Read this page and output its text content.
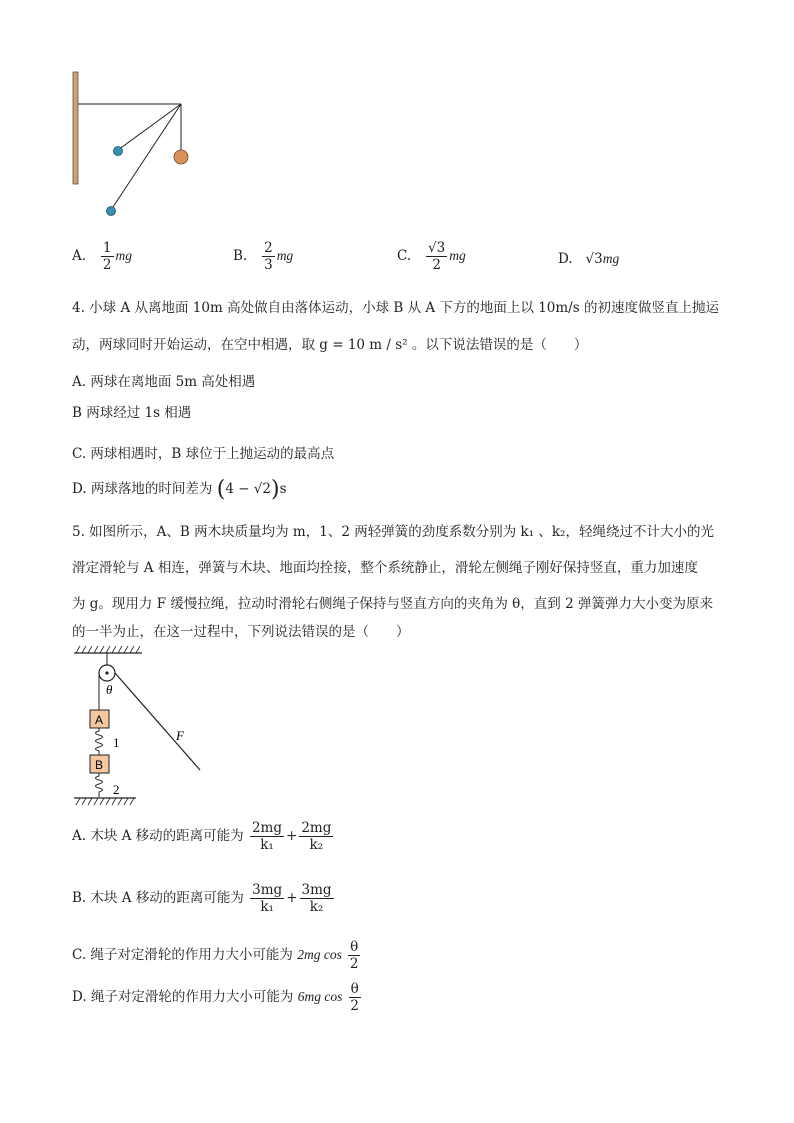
A. $\frac{1}{2}$ mg	B. $\frac{2}{3}$ mg	C. $\frac{√3}{2}$ mg	D. √3mg
4. 小球 A 从离地面 10m 高处做自由落体运动，小球 B 从 A 下方的地面上以 10m/s 的初速度做竖直上抛运
动，两球同时开始运动，在空中相遇，取 g = 10 m / s² 。以下说法错误的是（　　）
A. 两球在离地面 5m 高处相遇
B 两球经过 1s 相遇
C. 两球相遇时，B 球位于上抛运动的最高点
D. 两球落地的时间差为 (4 − √2)s
5. 如图所示，A、B 两木块质量均为 m，1、2 两轻弹簧的劲度系数分别为 k₁ 、k₂，轻绳绕过不计大小的光
滑定滑轮与 A 相连，弹簧与木块、地面均拴接，整个系统静止，滑轮左侧绳子刚好保持竖直，重力加速度
为 g。现用力 F 缓慢拉绳，拉动时滑轮右侧绳子保持与竖直方向的夹角为 θ，直到 2 弹簧弹力大小变为原来
的一半为止，在这一过程中，下列说法错误的是（　　）
θ
F
A
1
B
2
A. 木块 A 移动的距离可能为 $\frac{2mg}{\text{k₁}} + \frac{2mg}{\text{k₂}}$
B. 木块 A 移动的距离可能为 $\frac{3mg}{\text{k₁}} + \frac{3mg}{\text{k₂}}$
C. 绳子对定滑轮的作用力大小可能为 2mg $\cos \frac{\theta}{2}$
D. 绳子对定滑轮的作用力大小可能为 6mg $\cos \frac{\theta}{2}$
